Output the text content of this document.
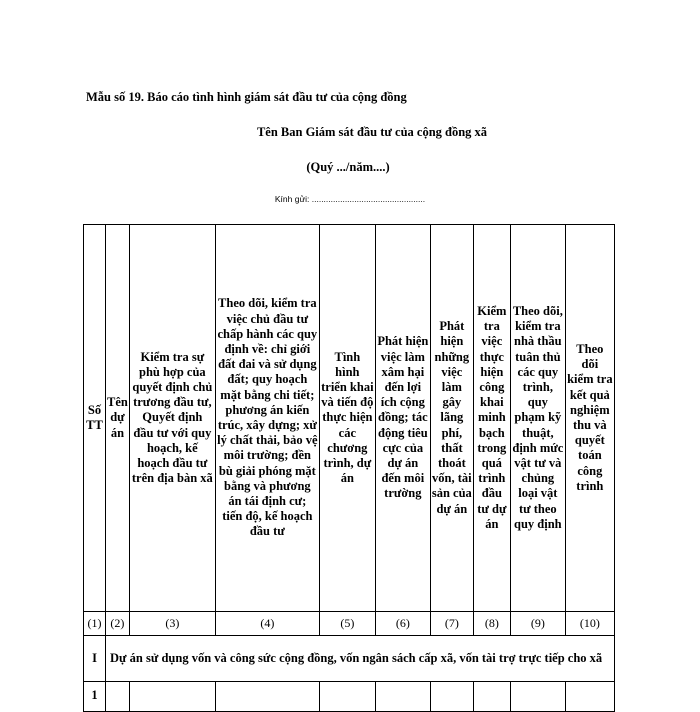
Mẫu số 19. Báo cáo tình hình giám sát đầu tư của cộng đồng
Tên Ban Giám sát đầu tư của cộng đồng xã
(Quý .../năm....)
Kính gửi: ................................................
Số TT	Tên dự án	Kiểm tra sự phù hợp của quyết định chủ trương đầu tư, Quyết định đầu tư với quy hoạch, kế hoạch đầu tư trên địa bàn xã	Theo dõi, kiểm tra việc chủ đầu tư chấp hành các quy định về: chỉ giới đất đai và sử dụng đất; quy hoạch mặt bằng chi tiết; phương án kiến trúc, xây dựng; xử lý chất thải, bảo vệ môi trường; đền bù giải phóng mặt bằng và phương án tái định cư; tiến độ, kế hoạch đầu tư	Tình hình triển khai và tiến độ thực hiện các chương trình, dự án	Phát hiện việc làm xâm hại đến lợi ích cộng đồng; tác động tiêu cực của dự án đến môi trường	Phát hiện những việc làm gây lãng phí, thất thoát vốn, tài sản của dự án	Kiểm tra việc thực hiện công khai minh bạch trong quá trình đầu tư dự án	Theo dõi, kiểm tra nhà thầu tuân thủ các quy trình, quy phạm kỹ thuật, định mức vật tư và chủng loại vật tư theo quy định	Theo dõi kiểm tra kết quả nghiệm thu và quyết toán công trình
(1)	(2)	(3)	(4)	(5)	(6)	(7)	(8)	(9)	(10)
I	Dự án sử dụng vốn và công sức cộng đồng, vốn ngân sách cấp xã, vốn tài trợ trực tiếp cho xã								
1									
